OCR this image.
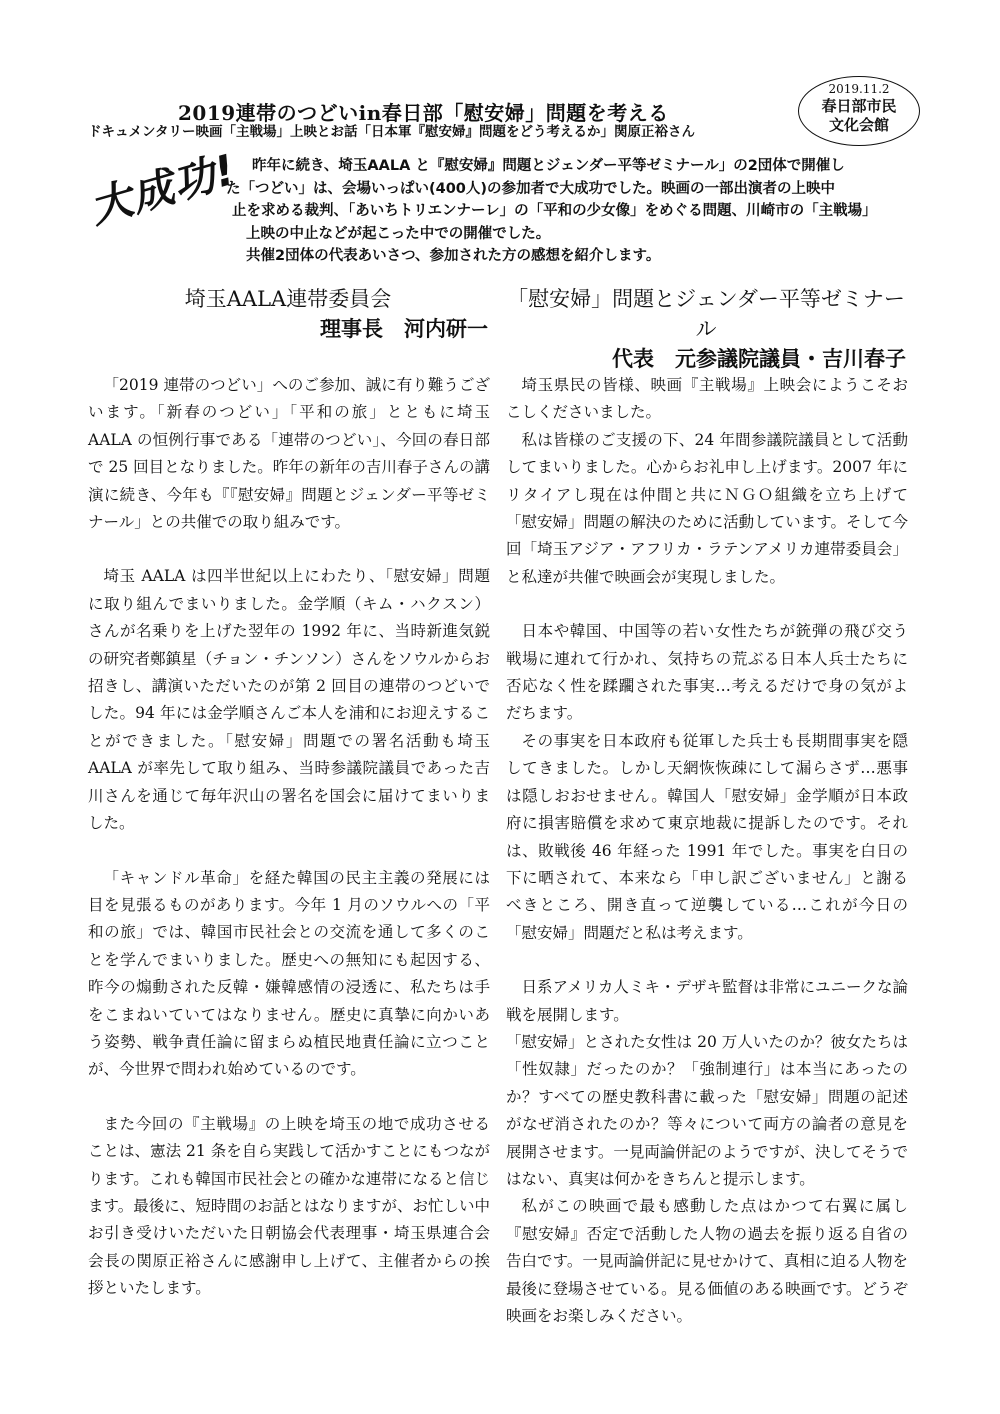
2019連帯のつどいin春日部「慰安婦」問題を考える
ドキュメンタリー映画「主戦場」上映とお話「日本軍『慰安婦』問題をどう考えるか」関原正裕さん
2019.11.2
春日部市民
文化会館
大成功! 昨年に続き、埼玉AALA と『慰安婦』問題とジェンダー平等ゼミナール」の2団体で開催し

た「つどい」は、会場いっぱい(400人)の参加者で大成功でした。映画の一部出演者の上映中

止を求める裁判、「あいちトリエンナーレ」の「平和の少女像」をめぐる問題、川崎市の「主戦場」

上映の中止などが起こった中での開催でした。

共催2団体の代表あいさつ、参加された方の感想を紹介します。

埼玉AALA連帯委員会
理事長　河内研一
「慰安婦」問題とジェンダー平等ゼミナール
代表　元参議院議員・吉川春子

「2019 連帯のつどい」へのご参加、誠に有り難うございます。「新春のつどい」「平和の旅」とともに埼玉 AALA の恒例行事である「連帯のつどい」、今回の春日部で 25 回目となりました。昨年の新年の吉川春子さんの講演に続き、今年も『『慰安婦』問題とジェンダー平等ゼミナール」との共催での取り組みです。

埼玉 AALA は四半世紀以上にわたり、「慰安婦」問題に取り組んでまいりました。金学順（キム・ハクスン）さんが名乗りを上げた翌年の 1992 年に、当時新進気鋭の研究者鄭鎮星（チョン・チンソン）さんをソウルからお招きし、講演いただいたのが第 2 回目の連帯のつどいでした。94 年には金学順さんご本人を浦和にお迎えすることができました。「慰安婦」問題での署名活動も埼玉 AALA が率先して取り組み、当時参議院議員であった吉川さんを通じて毎年沢山の署名を国会に届けてまいりました。

「キャンドル革命」を経た韓国の民主主義の発展には目を見張るものがあります。今年 1 月のソウルへの「平和の旅」では、韓国市民社会との交流を通して多くのことを学んでまいりました。歴史への無知にも起因する、昨今の煽動された反韓・嫌韓感情の浸透に、私たちは手をこまねいていてはなりません。歴史に真摯に向かいあう姿勢、戦争責任論に留まらぬ植民地責任論に立つことが、今世界で問われ始めているのです。

また今回の『主戦場』の上映を埼玉の地で成功させることは、憲法 21 条を自ら実践して活かすことにもつながります。これも韓国市民社会との確かな連帯になると信じます。最後に、短時間のお話とはなりますが、お忙しい中お引き受けいただいた日朝協会代表理事・埼玉県連合会会長の関原正裕さんに感謝申し上げて、主催者からの挨拶といたします。

埼玉県民の皆様、映画『主戦場』上映会にようこそおこしくださいました。

私は皆様のご支援の下、24 年間参議院議員として活動してまいりました。心からお礼申し上げます。2007 年にリタイアし現在は仲間と共にＮＧＯ組織を立ち上げて「慰安婦」問題の解決のために活動しています。そして今回「埼玉アジア・アフリカ・ラテンアメリカ連帯委員会」と私達が共催で映画会が実現しました。

日本や韓国、中国等の若い女性たちが銃弾の飛び交う戦場に連れて行かれ、気持ちの荒ぶる日本人兵士たちに否応なく性を蹂躙された事実…考えるだけで身の気がよだちます。

その事実を日本政府も従軍した兵士も長期間事実を隠してきました。しかし天網恢恢疎にして漏らさず…悪事は隠しおおせません。韓国人「慰安婦」金学順が日本政府に損害賠償を求めて東京地裁に提訴したのです。それは、敗戦後 46 年経った 1991 年でした。事実を白日の下に晒されて、本来なら「申し訳ございません」と謝るべきところ、開き直って逆襲している…これが今日の「慰安婦」問題だと私は考えます。

日系アメリカ人ミキ・デザキ監督は非常にユニークな論戦を展開します。

「慰安婦」とされた女性は 20 万人いたのか？彼女たちは「性奴隷」だったのか？「強制連行」は本当にあったのか？すべての歴史教科書に載った「慰安婦」問題の記述がなぜ消されたのか？等々について両方の論者の意見を展開させます。一見両論併記のようですが、決してそうではない、真実は何かをきちんと提示します。

私がこの映画で最も感動した点はかつて右翼に属し『慰安婦』否定で活動した人物の過去を振り返る自省の告白です。一見両論併記に見せかけて、真相に迫る人物を最後に登場させている。見る価値のある映画です。どうぞ映画をお楽しみください。
